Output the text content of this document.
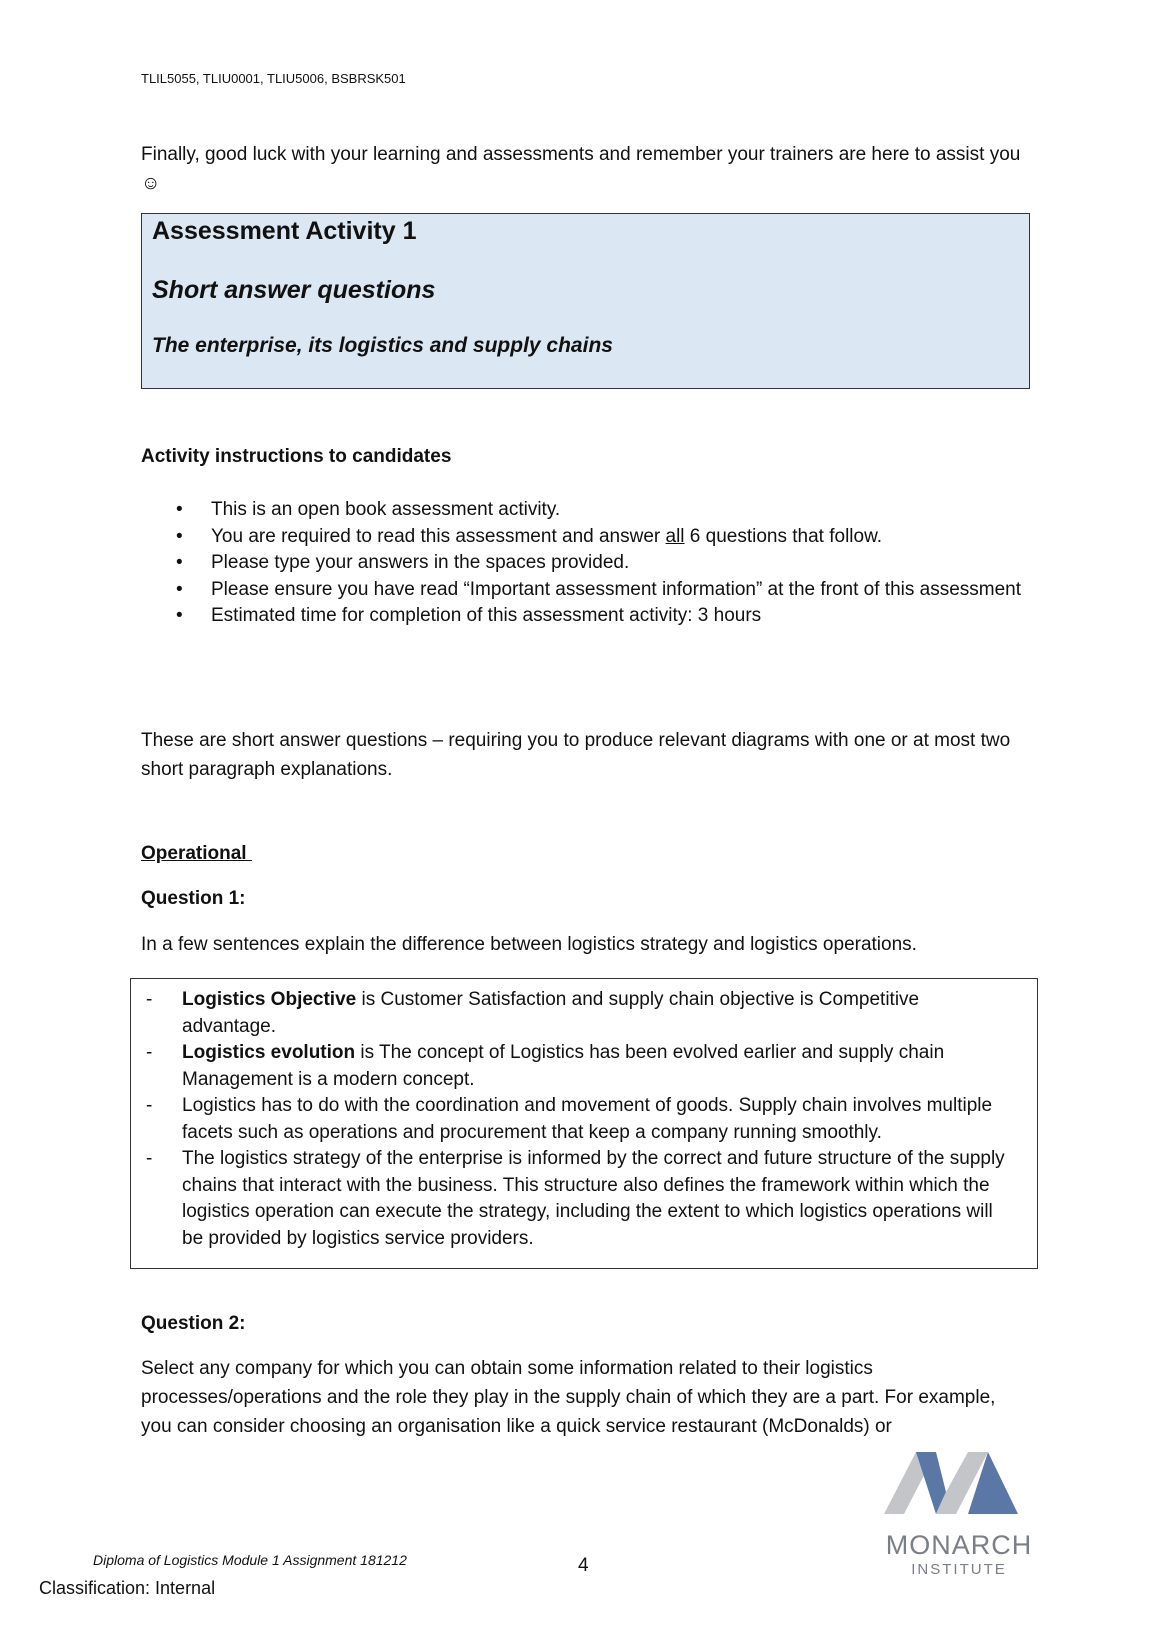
TLIL5055, TLIU0001, TLIU5006, BSBRSK501
Finally, good luck with your learning and assessments and remember your trainers are here to assist you ☺
Assessment Activity 1
Short answer questions
The enterprise, its logistics and supply chains
Activity instructions to candidates
• This is an open book assessment activity.
• You are required to read this assessment and answer all 6 questions that follow.
• Please type your answers in the spaces provided.
• Please ensure you have read “Important assessment information” at the front of this assessment
• Estimated time for completion of this assessment activity: 3 hours
These are short answer questions – requiring you to produce relevant diagrams with one or at most two short paragraph explanations.
Operational
Question 1:
In a few sentences explain the difference between logistics strategy and logistics operations.
- Logistics Objective is Customer Satisfaction and supply chain objective is Competitive advantage.
- Logistics evolution is The concept of Logistics has been evolved earlier and supply chain Management is a modern concept.
- Logistics has to do with the coordination and movement of goods. Supply chain involves multiple facets such as operations and procurement that keep a company running smoothly.
- The logistics strategy of the enterprise is informed by the correct and future structure of the supply chains that interact with the business. This structure also defines the framework within which the logistics operation can execute the strategy, including the extent to which logistics operations will be provided by logistics service providers.
Question 2:
Select any company for which you can obtain some information related to their logistics processes/operations and the role they play in the supply chain of which they are a part. For example, you can consider choosing an organisation like a quick service restaurant (McDonalds) or
MONARCH
INSTITUTE
Diploma of Logistics Module 1 Assignment 181212	4
Classification: Internal
